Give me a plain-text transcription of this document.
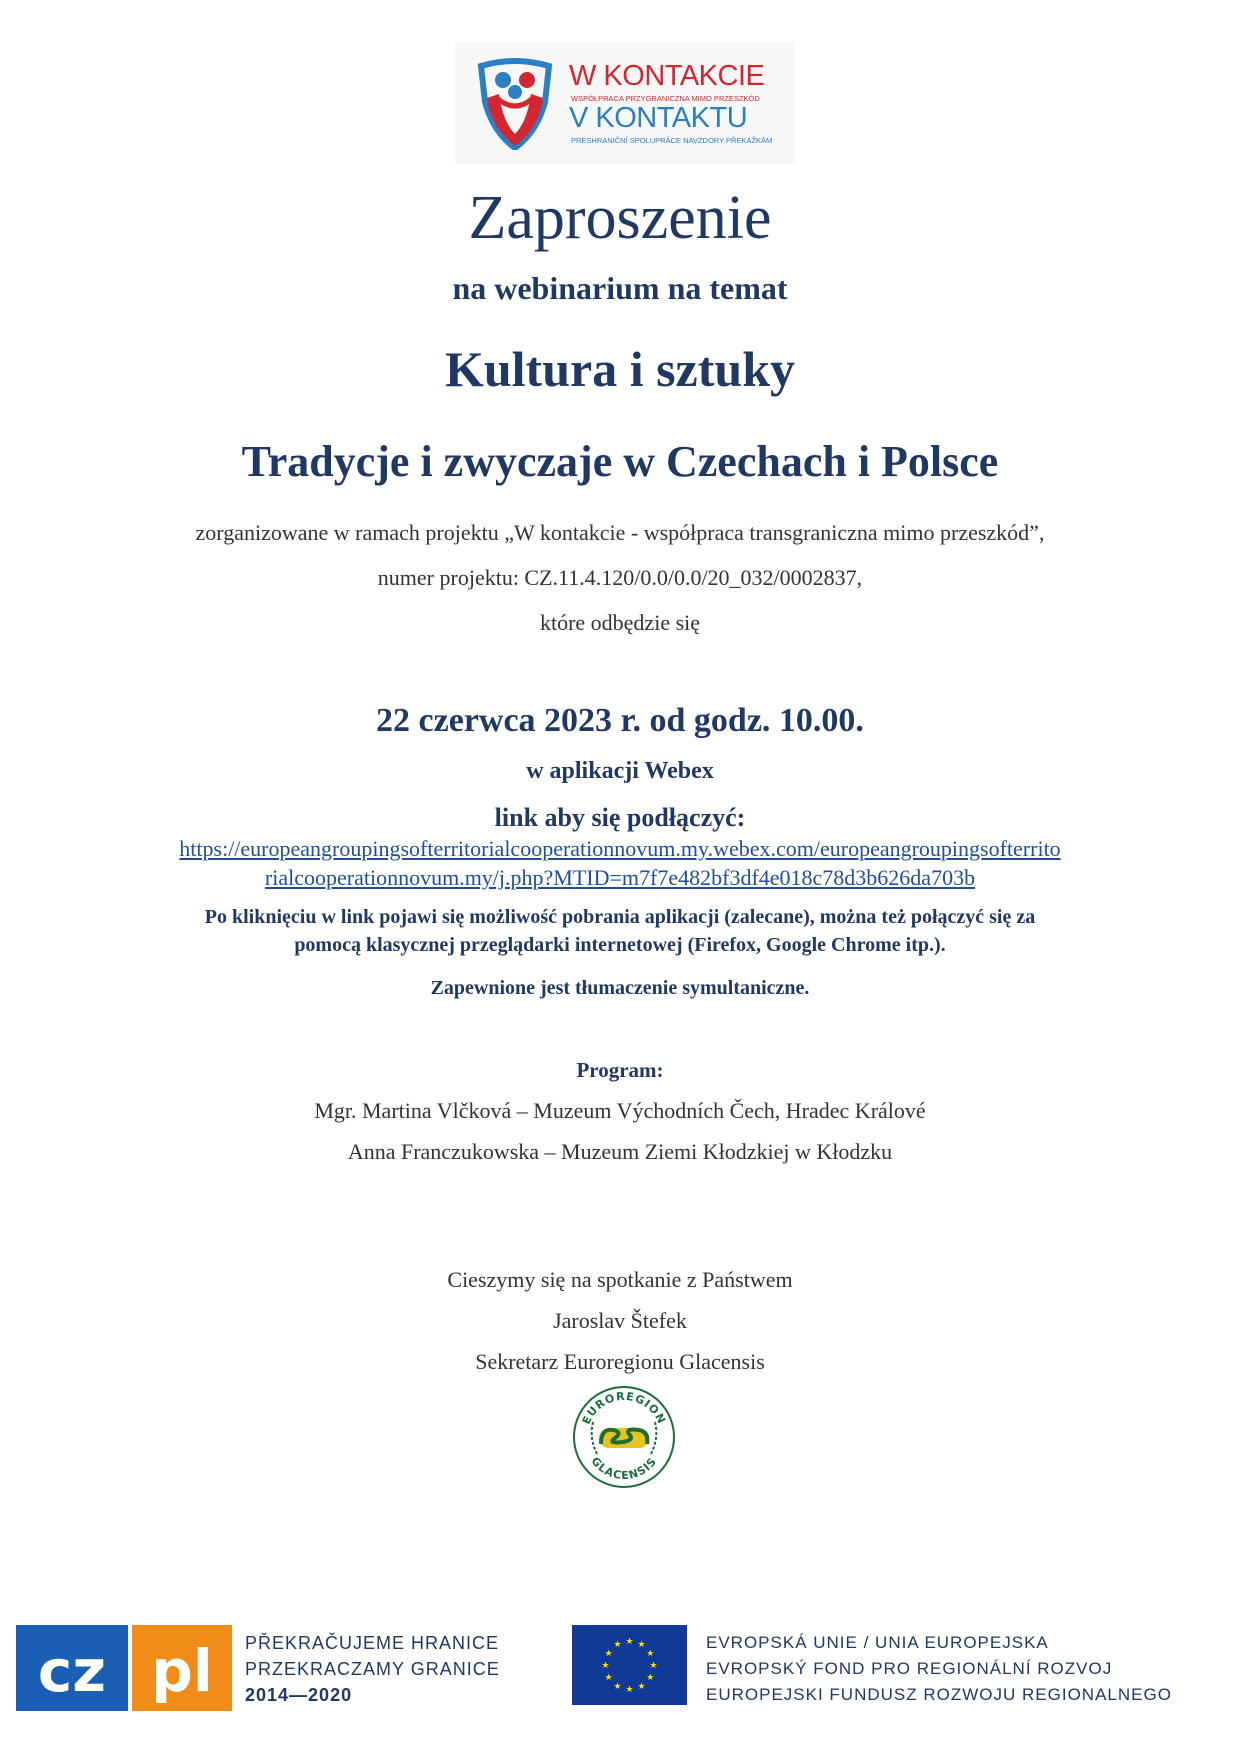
W KONTAKCIE
WSPÓŁPRACA PRZYGRANICZNA MIMO PRZESZKÓD
V KONTAKTU
PRESHRANIČNÍ SPOLUPRÁCE NAVZDORY PŘEKÁŽKÁM
Zaproszenie
na webinarium na temat
Kultura i sztuky
Tradycje i zwyczaje w Czechach i Polsce
zorganizowane w ramach projektu „W kontakcie - współpraca transgraniczna mimo przeszkód”,
numer projektu: CZ.11.4.120/0.0/0.0/20_032/0002837,
które odbędzie się
22 czerwca 2023 r. od godz. 10.00.
w aplikacji Webex
link aby się podłączyć:
https://europeangroupingsofterritorialcooperationnovum.my.webex.com/europeangroupingsofterrito
rialcooperationnovum.my/j.php?MTID=m7f7e482bf3df4e018c78d3b626da703b
Po kliknięciu w link pojawi się możliwość pobrania aplikacji (zalecane), można też połączyć się za
pomocą klasycznej przeglądarki internetowej (Firefox, Google Chrome itp.).
Zapewnione jest tłumaczenie symultaniczne.
Program:
Mgr. Martina Vlčková – Muzeum Východních Čech, Hradec Králové
Anna Franczukowska – Muzeum Ziemi Kłodzkiej w Kłodzku
Cieszymy się na spotkanie z Państwem
Jaroslav Štefek
Sekretarz Euroregionu Glacensis
EUROREGION
GLACENSIS
cz pl PŘEKRAČUJEME HRANICE
PRZEKRACZAMY GRANICE
2014—2020
★ ★
★
★
★
★
★
★
★
★
★
★	EVROPSKÁ UNIE / UNIA EUROPEJSKA
EVROPSKÝ FOND PRO REGIONÁLNÍ ROZVOJ
EUROPEJSKI FUNDUSZ ROZWOJU REGIONALNEGO
